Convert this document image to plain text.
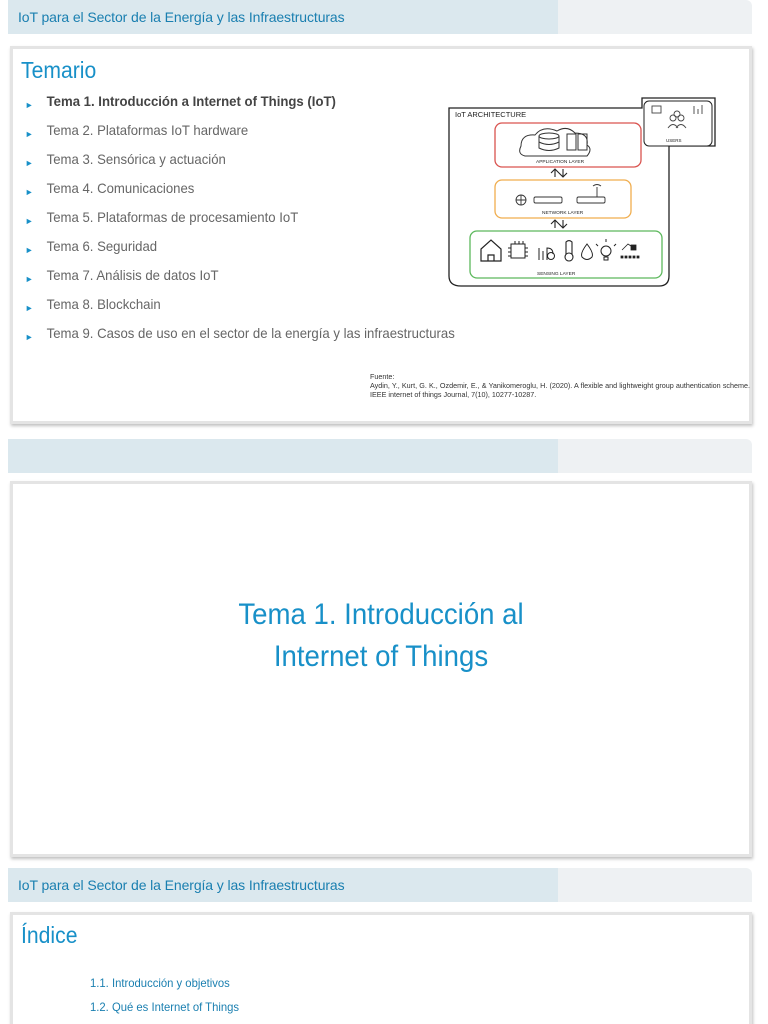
IoT para el Sector de la Energía y las Infraestructuras
Temario
► Tema 1. Introducción a Internet of Things (IoT)
► Tema 2. Plataformas IoT hardware
► Tema 3. Sensórica y actuación
► Tema 4. Comunicaciones
► Tema 5. Plataformas de procesamiento IoT
► Tema 6. Seguridad
► Tema 7. Análisis de datos IoT
► Tema 8. Blockchain
► Tema 9. Casos de uso en el sector de la energía y las infraestructuras
IoT ARCHITECTURE
USERS
APPLICATION LAYER
NETWORK LAYER
SENSING LAYER
Fuente:
Aydin, Y., Kurt, G. K., Ozdemir, E., & Yanikomeroglu, H. (2020). A flexible and lightweight group authentication scheme. IEEE internet of things Journal, 7(10), 10277-10287.
Tema 1. Introducción al
Internet of Things
IoT para el Sector de la Energía y las Infraestructuras
Índice
1.1. Introducción y objetivos
1.2. Qué es Internet of Things
